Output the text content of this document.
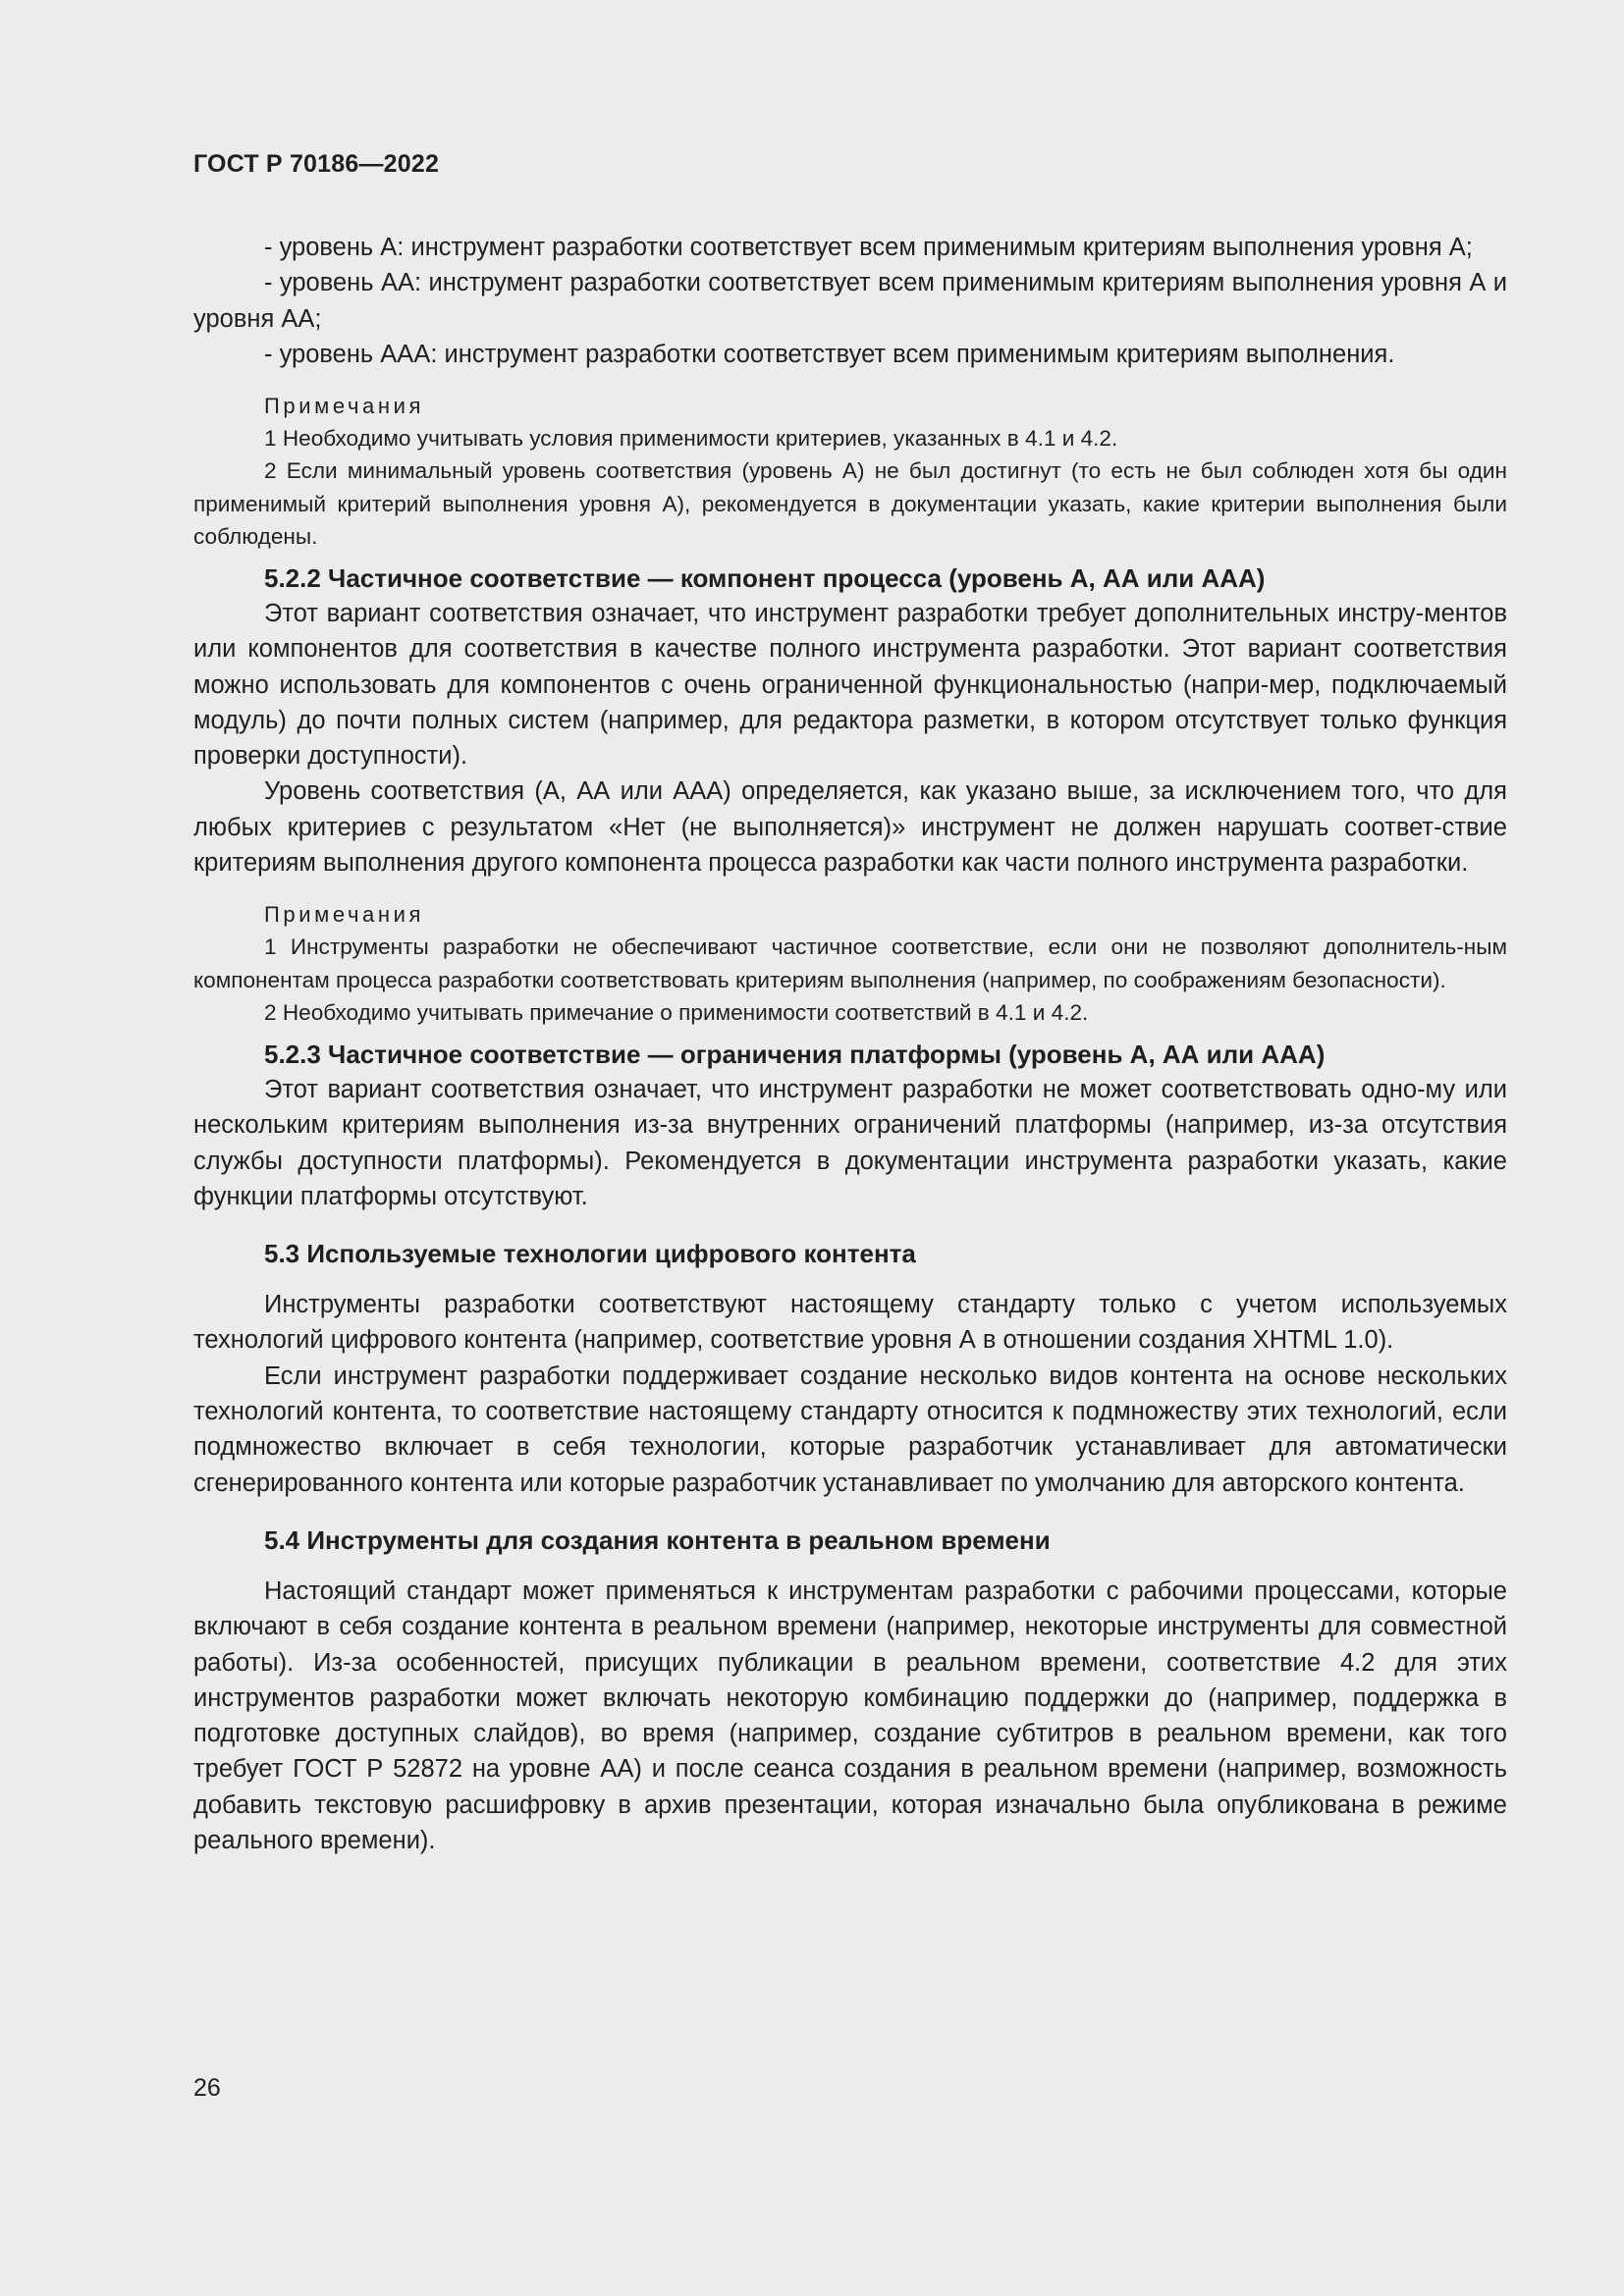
ГОСТ Р 70186—2022

- уровень А: инструмент разработки соответствует всем применимым критериям выполнения уровня А;

- уровень АА: инструмент разработки соответствует всем применимым критериям выполнения уровня А и уровня АА;

- уровень ААА: инструмент разработки соответствует всем применимым критериям выполнения.

Примечания

1 Необходимо учитывать условия применимости критериев, указанных в 4.1 и 4.2.

2 Если минимальный уровень соответствия (уровень А) не был достигнут (то есть не был соблюден хотя бы один применимый критерий выполнения уровня А), рекомендуется в документации указать, какие критерии выполнения были соблюдены.

5.2.2 Частичное соответствие — компонент процесса (уровень А, АА или ААА)

Этот вариант соответствия означает, что инструмент разработки требует дополнительных инстру-ментов или компонентов для соответствия в качестве полного инструмента разработки. Этот вариант соответствия можно использовать для компонентов с очень ограниченной функциональностью (напри-мер, подключаемый модуль) до почти полных систем (например, для редактора разметки, в котором отсутствует только функция проверки доступности).

Уровень соответствия (А, АА или ААА) определяется, как указано выше, за исключением того, что для любых критериев с результатом «Нет (не выполняется)» инструмент не должен нарушать соответ-ствие критериям выполнения другого компонента процесса разработки как части полного инструмента разработки.

Примечания

1 Инструменты разработки не обеспечивают частичное соответствие, если они не позволяют дополнитель-ным компонентам процесса разработки соответствовать критериям выполнения (например, по соображениям безопасности).

2 Необходимо учитывать примечание о применимости соответствий в 4.1 и 4.2.

5.2.3 Частичное соответствие — ограничения платформы (уровень А, АА или ААА)

Этот вариант соответствия означает, что инструмент разработки не может соответствовать одно-му или нескольким критериям выполнения из-за внутренних ограничений платформы (например, из-за отсутствия службы доступности платформы). Рекомендуется в документации инструмента разработки указать, какие функции платформы отсутствуют.

5.3 Используемые технологии цифрового контента

Инструменты разработки соответствуют настоящему стандарту только с учетом используемых технологий цифрового контента (например, соответствие уровня А в отношении создания XHTML 1.0).

Если инструмент разработки поддерживает создание несколько видов контента на основе нескольких технологий контента, то соответствие настоящему стандарту относится к подмножеству этих технологий, если подмножество включает в себя технологии, которые разработчик устанавливает для автоматически сгенерированного контента или которые разработчик устанавливает по умолчанию для авторского контента.

5.4 Инструменты для создания контента в реальном времени

Настоящий стандарт может применяться к инструментам разработки с рабочими процессами, которые включают в себя создание контента в реальном времени (например, некоторые инструменты для совместной работы). Из-за особенностей, присущих публикации в реальном времени, соответствие 4.2 для этих инструментов разработки может включать некоторую комбинацию поддержки до (например, поддержка в подготовке доступных слайдов), во время (например, создание субтитров в реальном времени, как того требует ГОСТ Р 52872 на уровне АА) и после сеанса создания в реальном времени (например, возможность добавить текстовую расшифровку в архив презентации, которая изначально была опубликована в режиме реального времени).

26
